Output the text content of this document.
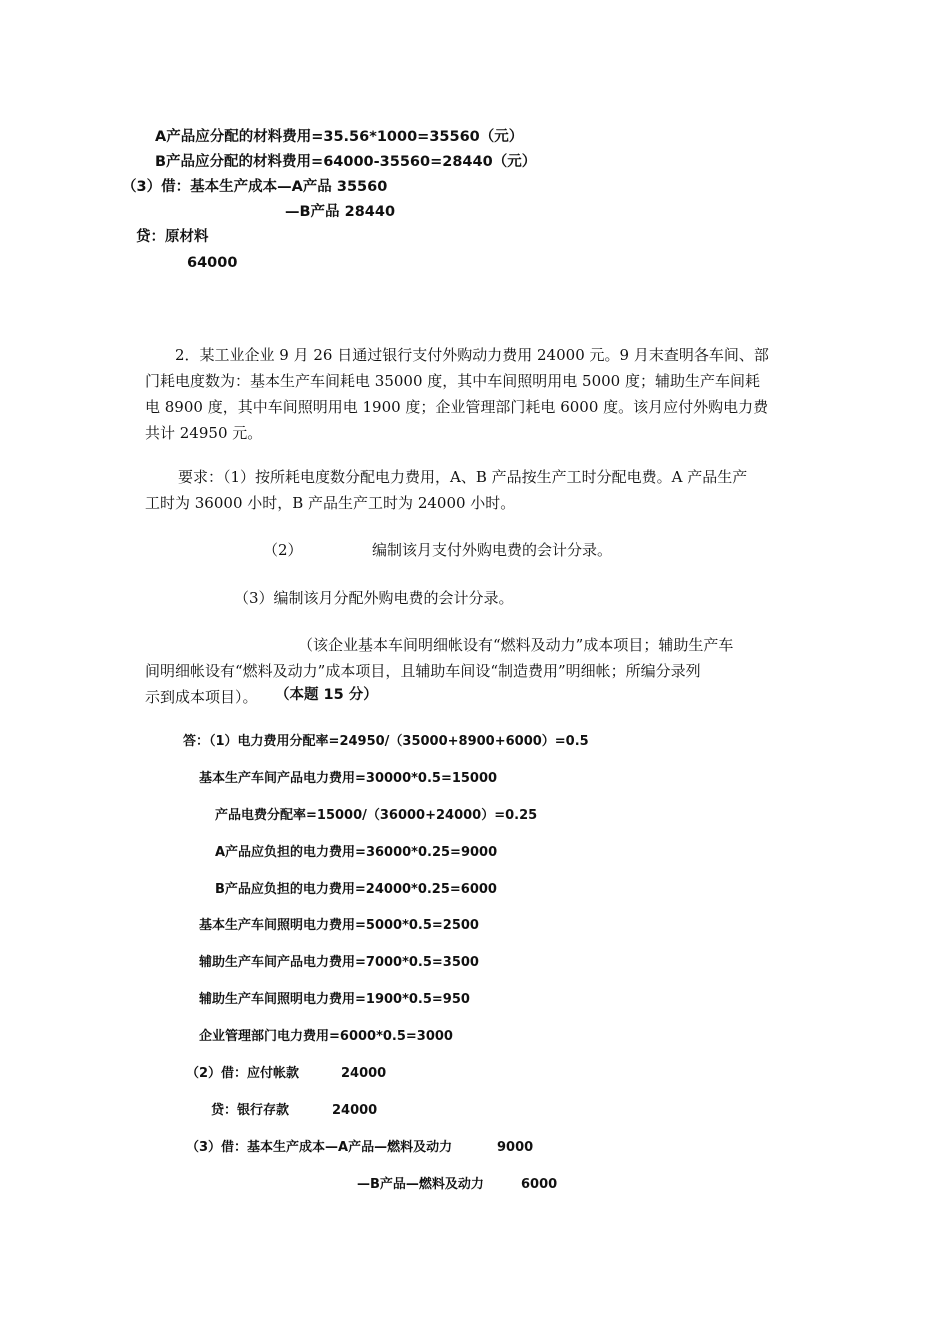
A产品应分配的材料费用=35.56*1000=35560（元）
B产品应分配的材料费用=64000-35560=28440（元）
（3）借：基本生产成本—A产品 35560
—B产品 28440
贷：原材料
64000
2．某工业企业 9 月 26 日通过银行支付外购动力费用 24000 元。9 月末查明各车间、部
门耗电度数为：基本生产车间耗电 35000 度，其中车间照明用电 5000 度；辅助生产车间耗
电 8900 度，其中车间照明用电 1900 度；企业管理部门耗电 6000 度。该月应付外购电力费
共计 24950 元。
要求：（1）按所耗电度数分配电力费用，A、B 产品按生产工时分配电费。A 产品生产
工时为 36000 小时，B 产品生产工时为 24000 小时。
（2）	编制该月支付外购电费的会计分录。
（3）编制该月分配外购电费的会计分录。
（该企业基本车间明细帐设有“燃料及动力”成本项目；辅助生产车
间明细帐设有“燃料及动力”成本项目，且辅助车间设“制造费用”明细帐；所编分录列
示到成本项目）。 （本题 15 分）
答：（1）电力费用分配率=24950/（35000+8900+6000）=0.5
基本生产车间产品电力费用=30000*0.5=15000
产品电费分配率=15000/（36000+24000）=0.25
A产品应负担的电力费用=36000*0.25=9000
B产品应负担的电力费用=24000*0.25=6000
基本生产车间照明电力费用=5000*0.5=2500
辅助生产车间产品电力费用=7000*0.5=3500
辅助生产车间照明电力费用=1900*0.5=950
企业管理部门电力费用=6000*0.5=3000
（2）借：应付帐款	24000
贷：银行存款	24000
（3）借：基本生产成本—A产品—燃料及动力	9000
—B产品—燃料及动力	6000
